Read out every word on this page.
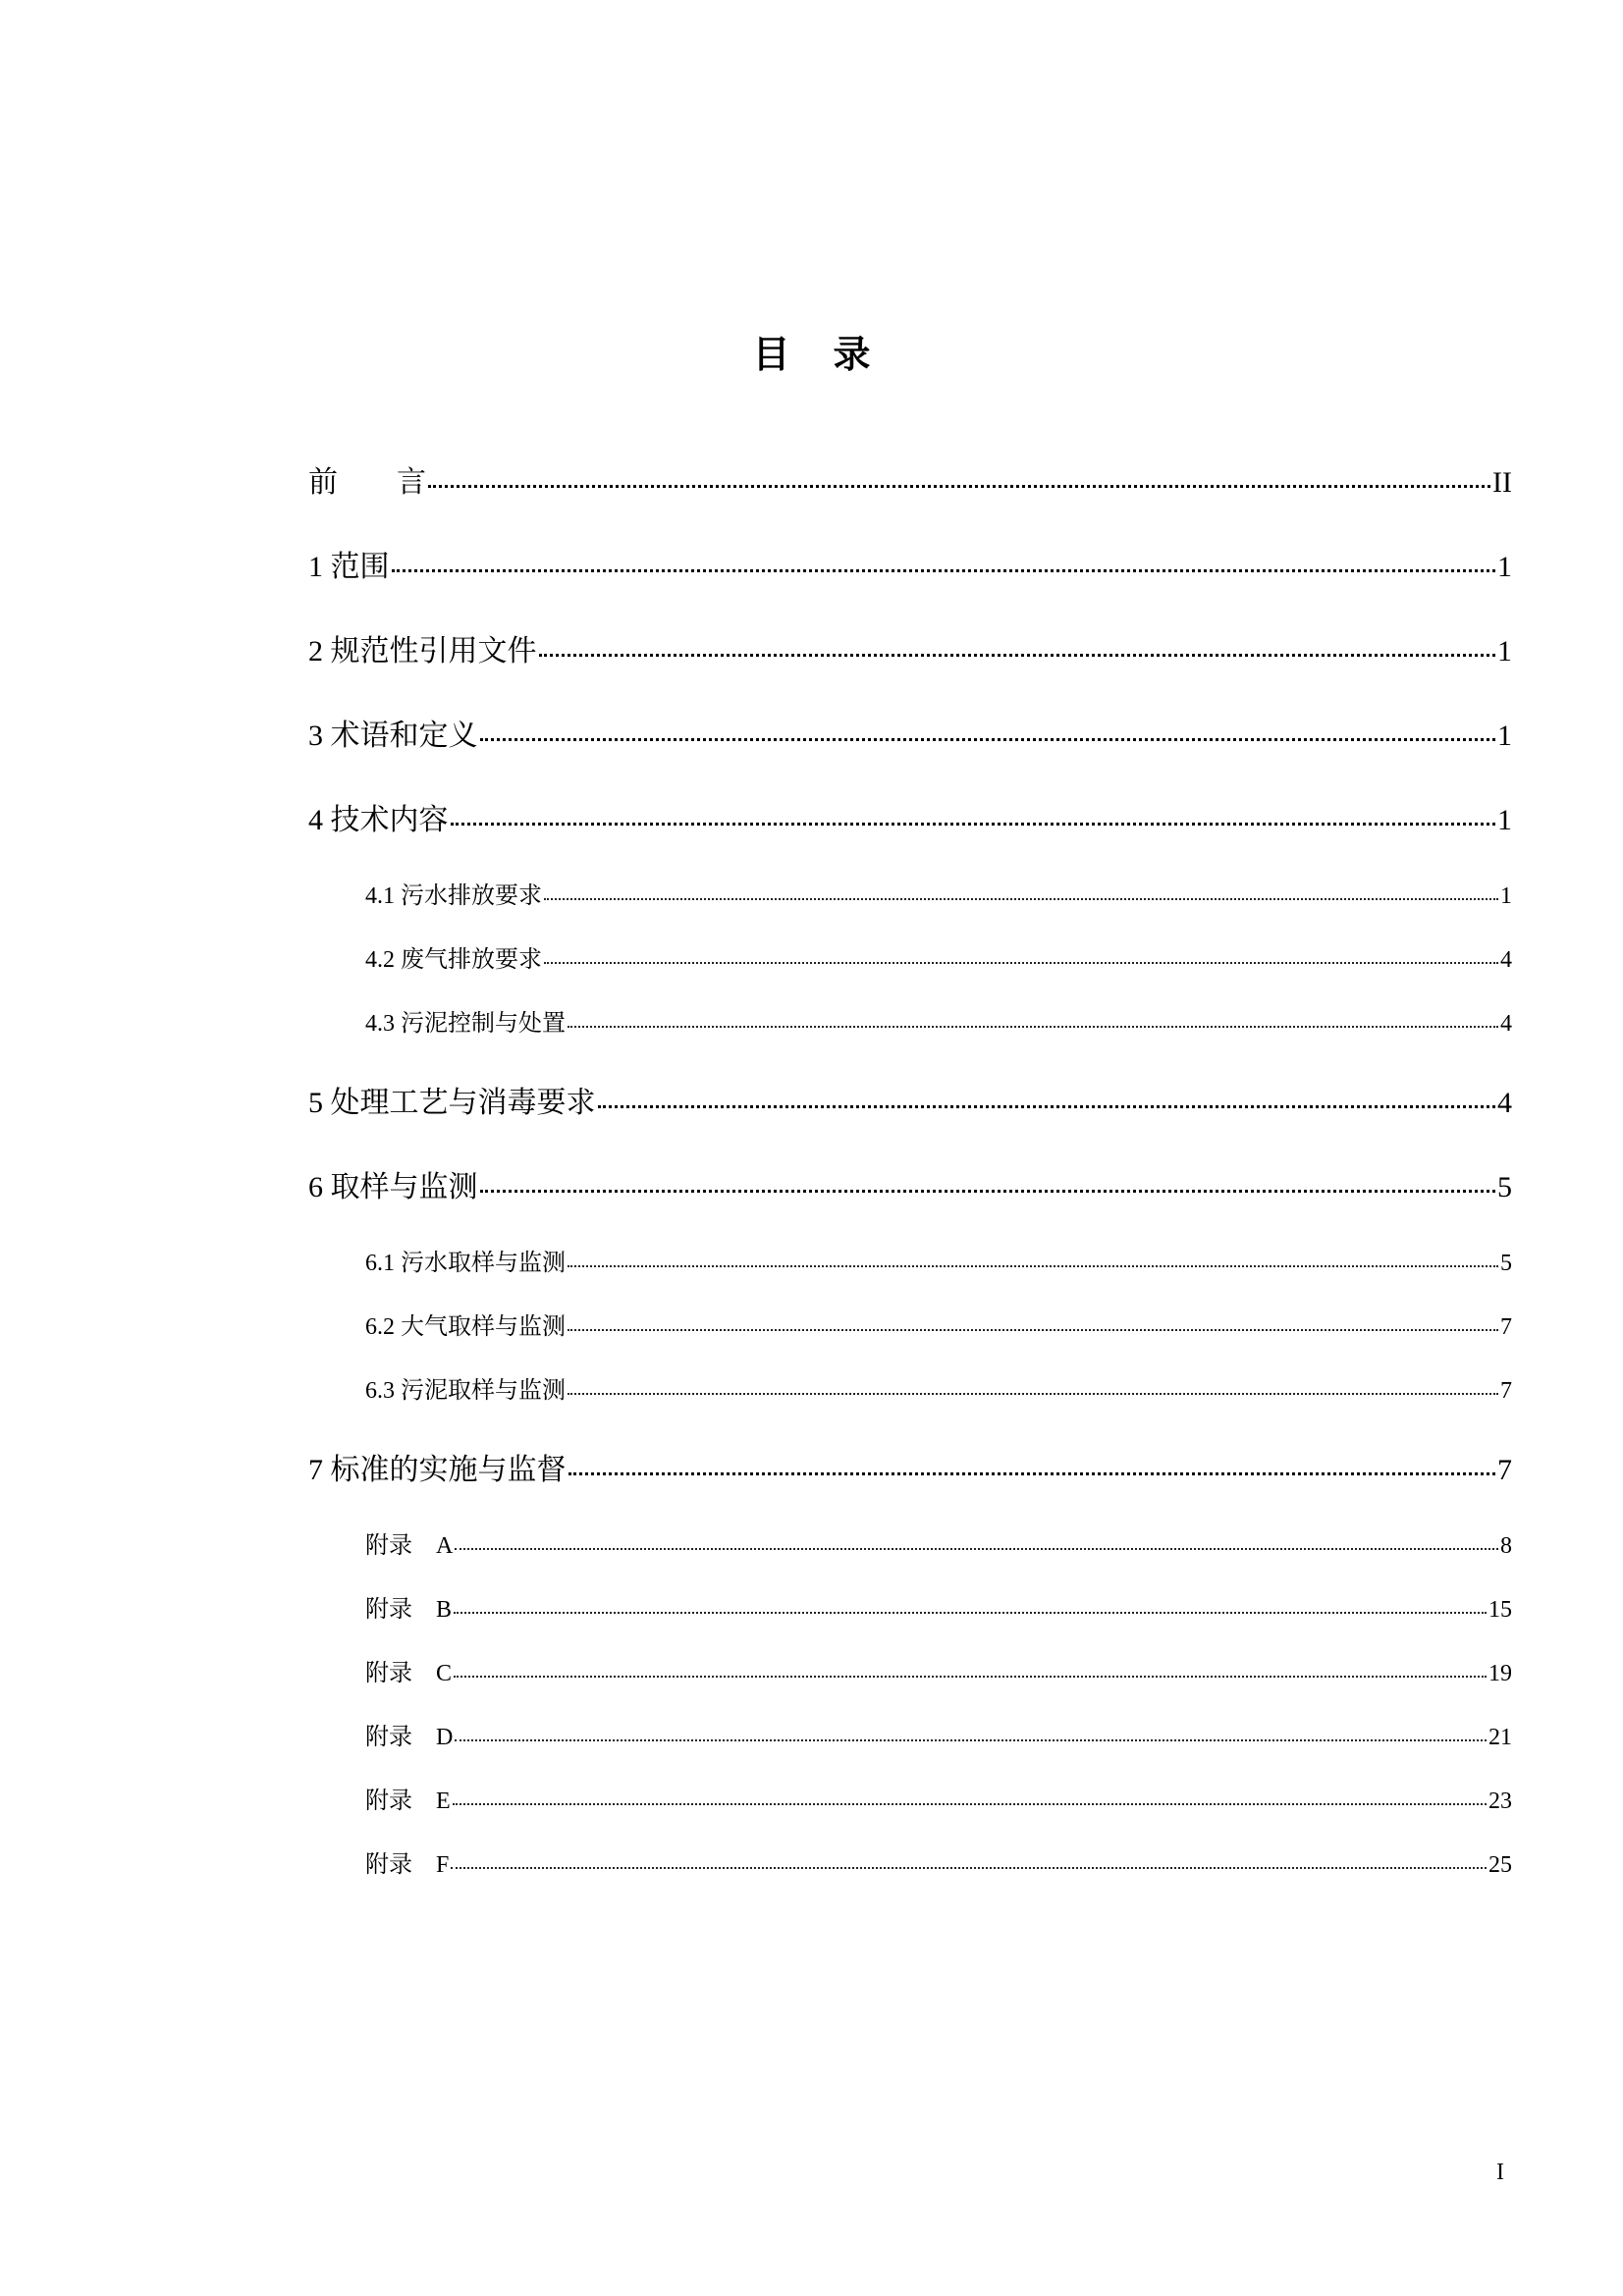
目录
前　　言	II
1 范围	1
2 规范性引用文件	1
3 术语和定义	1
4 技术内容	1
4.1 污水排放要求	1
4.2 废气排放要求	4
4.3 污泥控制与处置	4
5 处理工艺与消毒要求	4
6 取样与监测	5
6.1 污水取样与监测	5
6.2 大气取样与监测	7
6.3 污泥取样与监测	7
7 标准的实施与监督	7
附录　A	8
附录　B	15
附录　C	19
附录　D	21
附录　E	23
附录　F	25
I
